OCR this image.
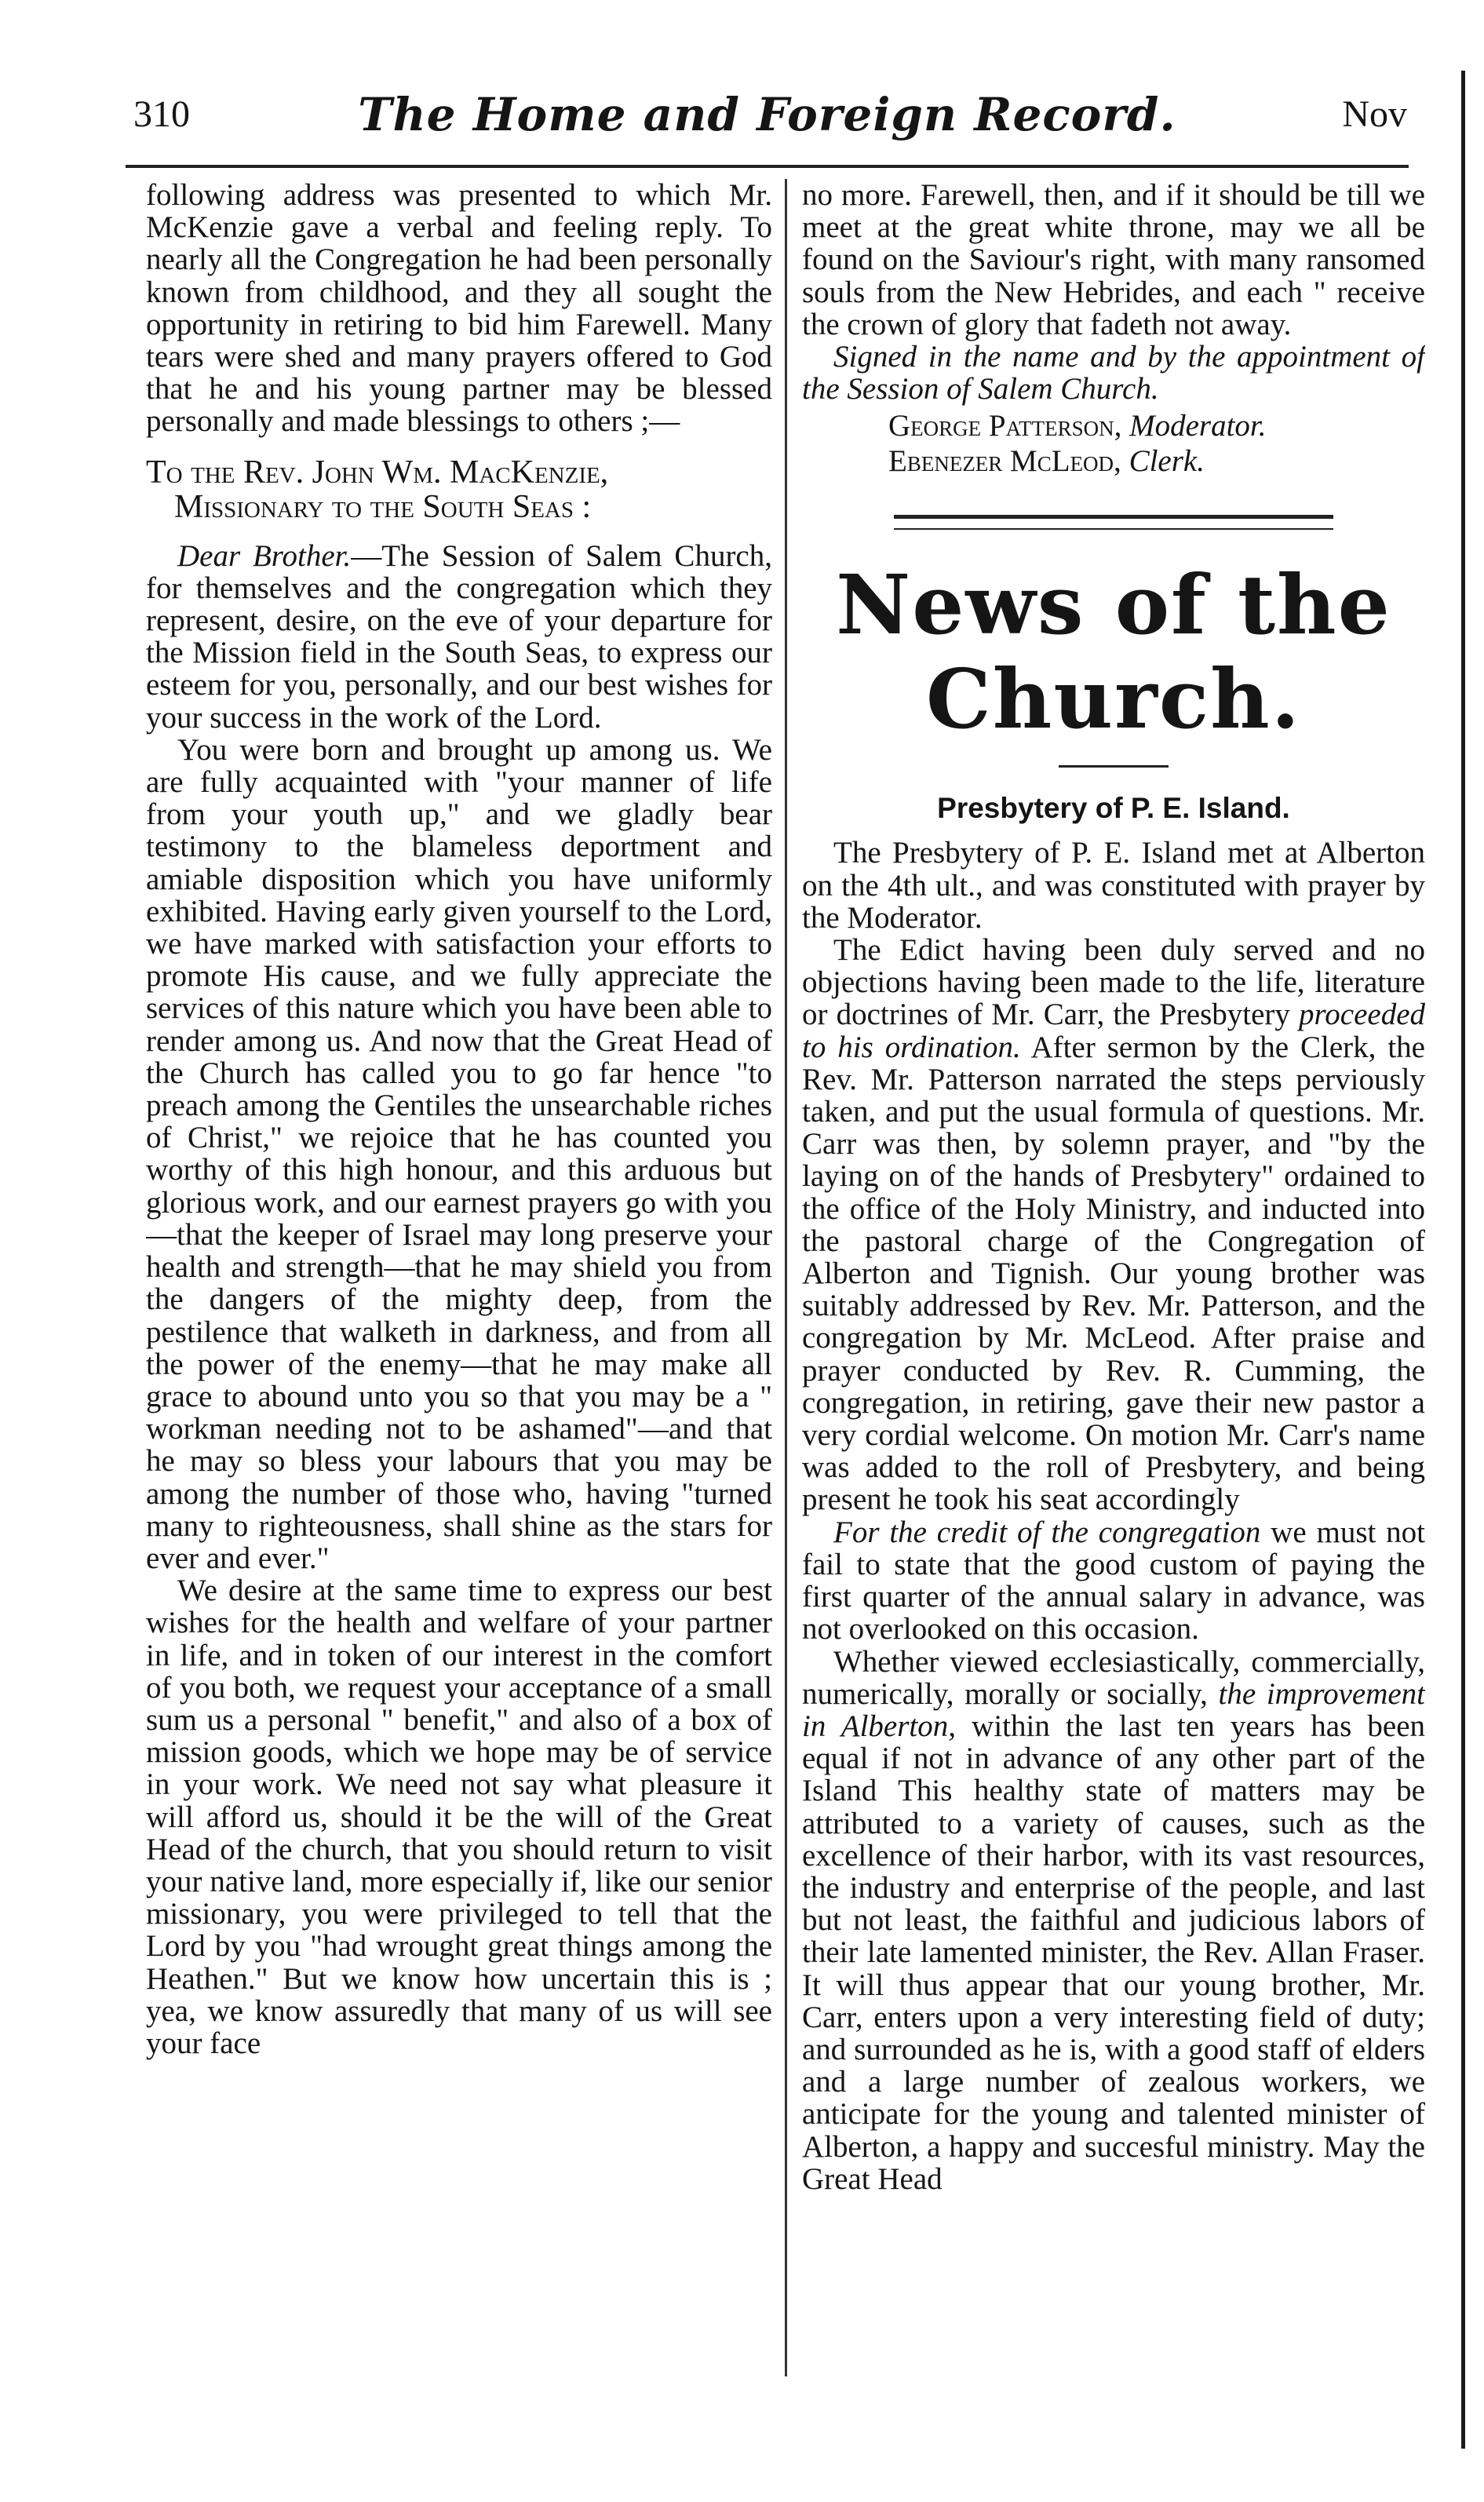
310	The Home and Foreign Record.	Nov

following address was presented to which Mr. McKenzie gave a verbal and feeling reply. To nearly all the Congregation he had been personally known from childhood, and they all sought the opportunity in retiring to bid him Farewell. Many tears were shed and many prayers offered to God that he and his young partner may be blessed personally and made blessings to others ;—

To the Rev. John Wm. MacKenzie,
Missionary to the South Seas :

Dear Brother.—The Session of Salem Church, for themselves and the congregation which they represent, desire, on the eve of your departure for the Mission field in the South Seas, to express our esteem for you, personally, and our best wishes for your success in the work of the Lord.

You were born and brought up among us. We are fully acquainted with "your manner of life from your youth up," and we gladly bear testimony to the blameless deportment and amiable disposition which you have uniformly exhibited. Having early given yourself to the Lord, we have marked with satisfaction your efforts to promote His cause, and we fully appreciate the services of this nature which you have been able to render among us. And now that the Great Head of the Church has called you to go far hence "to preach among the Gentiles the unsearchable riches of Christ," we rejoice that he has counted you worthy of this high honour, and this arduous but glorious work, and our earnest prayers go with you—that the keeper of Israel may long preserve your health and strength—that he may shield you from the dangers of the mighty deep, from the pestilence that walketh in darkness, and from all the power of the enemy—that he may make all grace to abound unto you so that you may be a " workman needing not to be ashamed"—and that he may so bless your labours that you may be among the number of those who, having "turned many to righteousness, shall shine as the stars for ever and ever."

We desire at the same time to express our best wishes for the health and welfare of your partner in life, and in token of our interest in the comfort of you both, we request your acceptance of a small sum us a personal " benefit," and also of a box of mission goods, which we hope may be of service in your work. We need not say what pleasure it will afford us, should it be the will of the Great Head of the church, that you should return to visit your native land, more especially if, like our senior missionary, you were privileged to tell that the Lord by you "had wrought great things among the Heathen." But we know how uncertain this is ; yea, we know assuredly that many of us will see your face

no more. Farewell, then, and if it should be till we meet at the great white throne, may we all be found on the Saviour's right, with many ransomed souls from the New Hebrides, and each " receive the crown of glory that fadeth not away.

Signed in the name and by the appointment of the Session of Salem Church.

George Patterson, Moderator.
Ebenezer McLeod, Clerk.
News of the Church.
Presbytery of P. E. Island.

The Presbytery of P. E. Island met at Alberton on the 4th ult., and was constituted with prayer by the Moderator.

The Edict having been duly served and no objections having been made to the life, literature or doctrines of Mr. Carr, the Presbytery proceeded to his ordination. After sermon by the Clerk, the Rev. Mr. Patterson narrated the steps perviously taken, and put the usual formula of questions. Mr. Carr was then, by solemn prayer, and "by the laying on of the hands of Presbytery" ordained to the office of the Holy Ministry, and inducted into the pastoral charge of the Congregation of Alberton and Tignish. Our young brother was suitably addressed by Rev. Mr. Patterson, and the congregation by Mr. McLeod. After praise and prayer conducted by Rev. R. Cumming, the congregation, in retiring, gave their new pastor a very cordial welcome. On motion Mr. Carr's name was added to the roll of Presbytery, and being present he took his seat accordingly

For the credit of the congregation we must not fail to state that the good custom of paying the first quarter of the annual salary in advance, was not overlooked on this occasion.

Whether viewed ecclesiastically, commercially, numerically, morally or socially, the improvement in Alberton, within the last ten years has been equal if not in advance of any other part of the Island This healthy state of matters may be attributed to a variety of causes, such as the excellence of their harbor, with its vast resources, the industry and enterprise of the people, and last but not least, the faithful and judicious labors of their late lamented minister, the Rev. Allan Fraser. It will thus appear that our young brother, Mr. Carr, enters upon a very interesting field of duty; and surrounded as he is, with a good staff of elders and a large number of zealous workers, we anticipate for the young and talented minister of Alberton, a happy and succesful ministry. May the Great Head
